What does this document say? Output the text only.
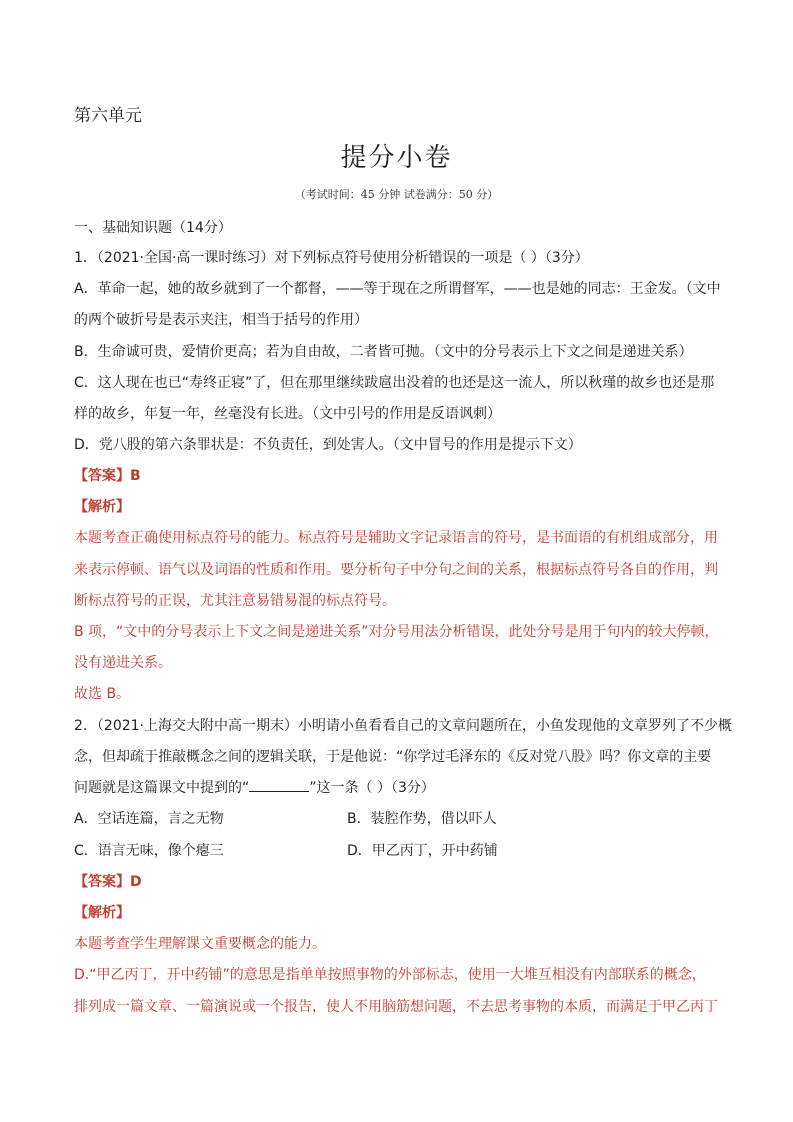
第六单元
提分小卷
（考试时间：45 分钟 试卷满分：50 分）
一、基础知识题（14分）
1．（2021·全国·高一课时练习）对下列标点符号使用分析错误的一项是（ ）（3分）
A．革命一起，她的故乡就到了一个都督，——等于现在之所谓督军，——也是她的同志：王金发。（文中
的两个破折号是表示夹注，相当于括号的作用）
B．生命诚可贵，爱情价更高；若为自由故，二者皆可抛。（文中的分号表示上下文之间是递进关系）
C．这人现在也已“寿终正寝”了，但在那里继续跋扈出没着的也还是这一流人，所以秋瑾的故乡也还是那
样的故乡，年复一年，丝毫没有长进。（文中引号的作用是反语讽刺）
D．党八股的第六条罪状是：不负责任，到处害人。（文中冒号的作用是提示下文）
【答案】B
【解析】
本题考查正确使用标点符号的能力。标点符号是辅助文字记录语言的符号，是书面语的有机组成部分，用
来表示停顿、语气以及词语的性质和作用。要分析句子中分句之间的关系，根据标点符号各自的作用，判
断标点符号的正误，尤其注意易错易混的标点符号。
B 项，“文中的分号表示上下文之间是递进关系”对分号用法分析错误，此处分号是用于句内的较大停顿，
没有递进关系。
故选 B。
2．（2021·上海交大附中高一期末）小明请小鱼看看自己的文章问题所在，小鱼发现他的文章罗列了不少概
念，但却疏于推敲概念之间的逻辑关联，于是他说：“你学过毛泽东的《反对党八股》吗？你文章的主要
问题就是这篇课文中提到的“	”这一条（ ）（3分）
A．空话连篇，言之无物	B．装腔作势，借以吓人
C．语言无味，像个瘪三	D．甲乙丙丁，开中药铺
【答案】D
【解析】
本题考查学生理解课文重要概念的能力。
D.“甲乙丙丁，开中药铺”的意思是指单单按照事物的外部标志，使用一大堆互相没有内部联系的概念，
排列成一篇文章、一篇演说或一个报告，使人不用脑筋想问题，不去思考事物的本质，而满足于甲乙丙丁
